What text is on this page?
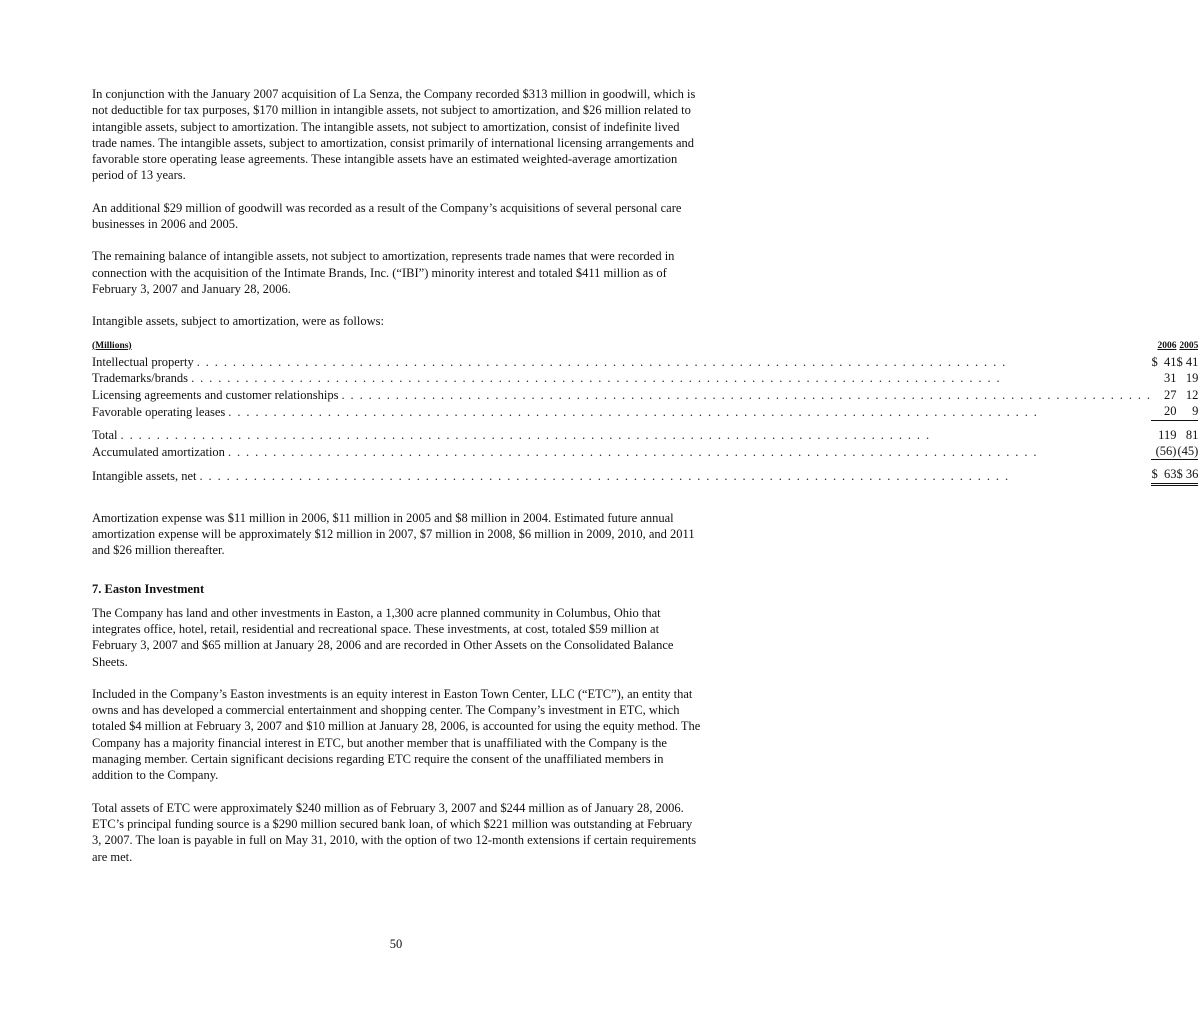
In conjunction with the January 2007 acquisition of La Senza, the Company recorded $313 million in goodwill, which is not deductible for tax purposes, $170 million in intangible assets, not subject to amortization, and $26 million related to intangible assets, subject to amortization. The intangible assets, not subject to amortization, consist of indefinite lived trade names. The intangible assets, subject to amortization, consist primarily of international licensing arrangements and favorable store operating lease agreements. These intangible assets have an estimated weighted-average amortization period of 13 years.

An additional $29 million of goodwill was recorded as a result of the Company’s acquisitions of several personal care businesses in 2006 and 2005.

The remaining balance of intangible assets, not subject to amortization, represents trade names that were recorded in connection with the acquisition of the Intimate Brands, Inc. (“IBI”) minority interest and totaled $411 million as of February 3, 2007 and January 28, 2006.

Intangible assets, subject to amortization, were as follows:

(Millions)	2006		2005
Intellectual property . . . . . . . . . . . . . . . . . . . . . . . . . . . . . . . . . . . . . . . . . . . . . . . . . . . . . . . . . . . . . . . . . . . . . . . . . . . . . . . . . . . . . . . . . .	$  41		$ 41
Trademarks/brands . . . . . . . . . . . . . . . . . . . . . . . . . . . . . . . . . . . . . . . . . . . . . . . . . . . . . . . . . . . . . . . . . . . . . . . . . . . . . . . . . . . . . . . . . .	31		19
Licensing agreements and customer relationships . . . . . . . . . . . . . . . . . . . . . . . . . . . . . . . . . . . . . . . . . . . . . . . . . . . . . . . . . . . . . . . . . . . . . . . . . . . . . . . . . . . . . . . . . .	27		12
Favorable operating leases . . . . . . . . . . . . . . . . . . . . . . . . . . . . . . . . . . . . . . . . . . . . . . . . . . . . . . . . . . . . . . . . . . . . . . . . . . . . . . . . . . . . . . . . . .	20		9

Total . . . . . . . . . . . . . . . . . . . . . . . . . . . . . . . . . . . . . . . . . . . . . . . . . . . . . . . . . . . . . . . . . . . . . . . . . . . . . . . . . . . . . . . . . .	119		81
Accumulated amortization . . . . . . . . . . . . . . . . . . . . . . . . . . . . . . . . . . . . . . . . . . . . . . . . . . . . . . . . . . . . . . . . . . . . . . . . . . . . . . . . . . . . . . . . . .	(56)		(45)

Intangible assets, net . . . . . . . . . . . . . . . . . . . . . . . . . . . . . . . . . . . . . . . . . . . . . . . . . . . . . . . . . . . . . . . . . . . . . . . . . . . . . . . . . . . . . . . . . .	$  63		$ 36

Amortization expense was $11 million in 2006, $11 million in 2005 and $8 million in 2004. Estimated future annual amortization expense will be approximately $12 million in 2007, $7 million in 2008, $6 million in 2009, 2010, and 2011 and $26 million thereafter.

7. Easton Investment

The Company has land and other investments in Easton, a 1,300 acre planned community in Columbus, Ohio that integrates office, hotel, retail, residential and recreational space. These investments, at cost, totaled $59 million at February 3, 2007 and $65 million at January 28, 2006 and are recorded in Other Assets on the Consolidated Balance Sheets.

Included in the Company’s Easton investments is an equity interest in Easton Town Center, LLC (“ETC”), an entity that owns and has developed a commercial entertainment and shopping center. The Company’s investment in ETC, which totaled $4 million at February 3, 2007 and $10 million at January 28, 2006, is accounted for using the equity method. The Company has a majority financial interest in ETC, but another member that is unaffiliated with the Company is the managing member. Certain significant decisions regarding ETC require the consent of the unaffiliated members in addition to the Company.

Total assets of ETC were approximately $240 million as of February 3, 2007 and $244 million as of January 28, 2006. ETC’s principal funding source is a $290 million secured bank loan, of which $221 million was outstanding at February 3, 2007. The loan is payable in full on May 31, 2010, with the option of two 12-month extensions if certain requirements are met.

50
